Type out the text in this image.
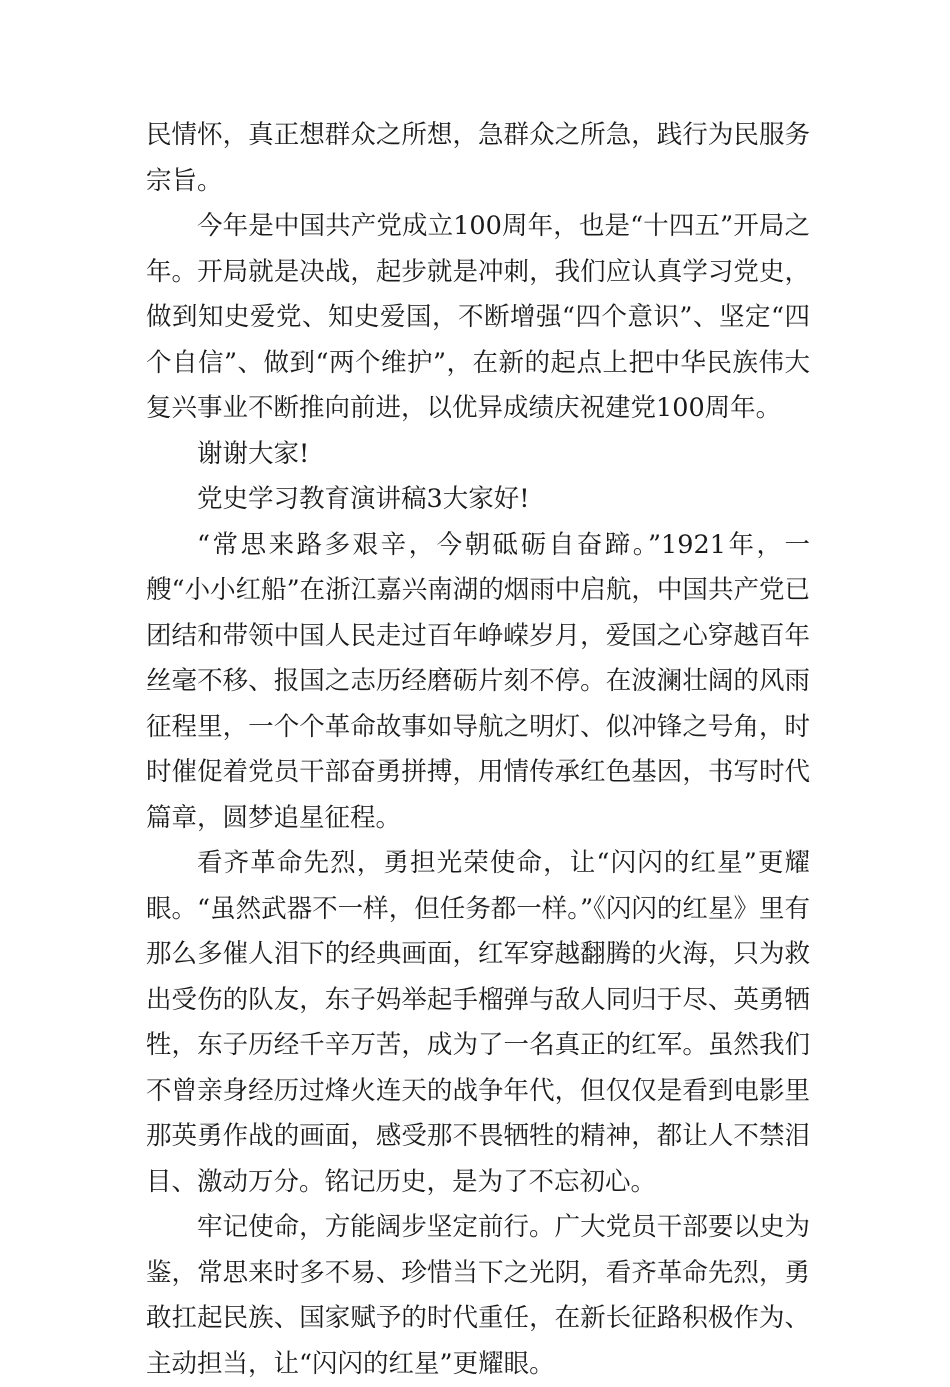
民情怀，真正想群众之所想，急群众之所急，践行为民服务宗旨。

今年是中国共产党成立100周年，也是“十四五”开局之年。开局就是决战，起步就是冲刺，我们应认真学习党史，做到知史爱党、知史爱国，不断增强“四个意识”、坚定“四个自信”、做到“两个维护”，在新的起点上把中华民族伟大复兴事业不断推向前进，以优异成绩庆祝建党100周年。

谢谢大家!

党史学习教育演讲稿3大家好!

“常思来路多艰辛，今朝砥砺自奋蹄。”1921年，一艘“小小红船”在浙江嘉兴南湖的烟雨中启航，中国共产党已团结和带领中国人民走过百年峥嵘岁月，爱国之心穿越百年丝毫不移、报国之志历经磨砺片刻不停。在波澜壮阔的风雨征程里，一个个革命故事如导航之明灯、似冲锋之号角，时时催促着党员干部奋勇拼搏，用情传承红色基因，书写时代篇章，圆梦追星征程。

看齐革命先烈，勇担光荣使命，让“闪闪的红星”更耀眼。“虽然武器不一样，但任务都一样。”《闪闪的红星》里有那么多催人泪下的经典画面，红军穿越翻腾的火海，只为救出受伤的队友，东子妈举起手榴弹与敌人同归于尽、英勇牺牲，东子历经千辛万苦，成为了一名真正的红军。虽然我们不曾亲身经历过烽火连天的战争年代，但仅仅是看到电影里那英勇作战的画面，感受那不畏牺牲的精神，都让人不禁泪目、激动万分。铭记历史，是为了不忘初心。

牢记使命，方能阔步坚定前行。广大党员干部要以史为鉴，常思来时多不易、珍惜当下之光阴，看齐革命先烈，勇敢扛起民族、国家赋予的时代重任，在新长征路积极作为、主动担当，让“闪闪的红星”更耀眼。
